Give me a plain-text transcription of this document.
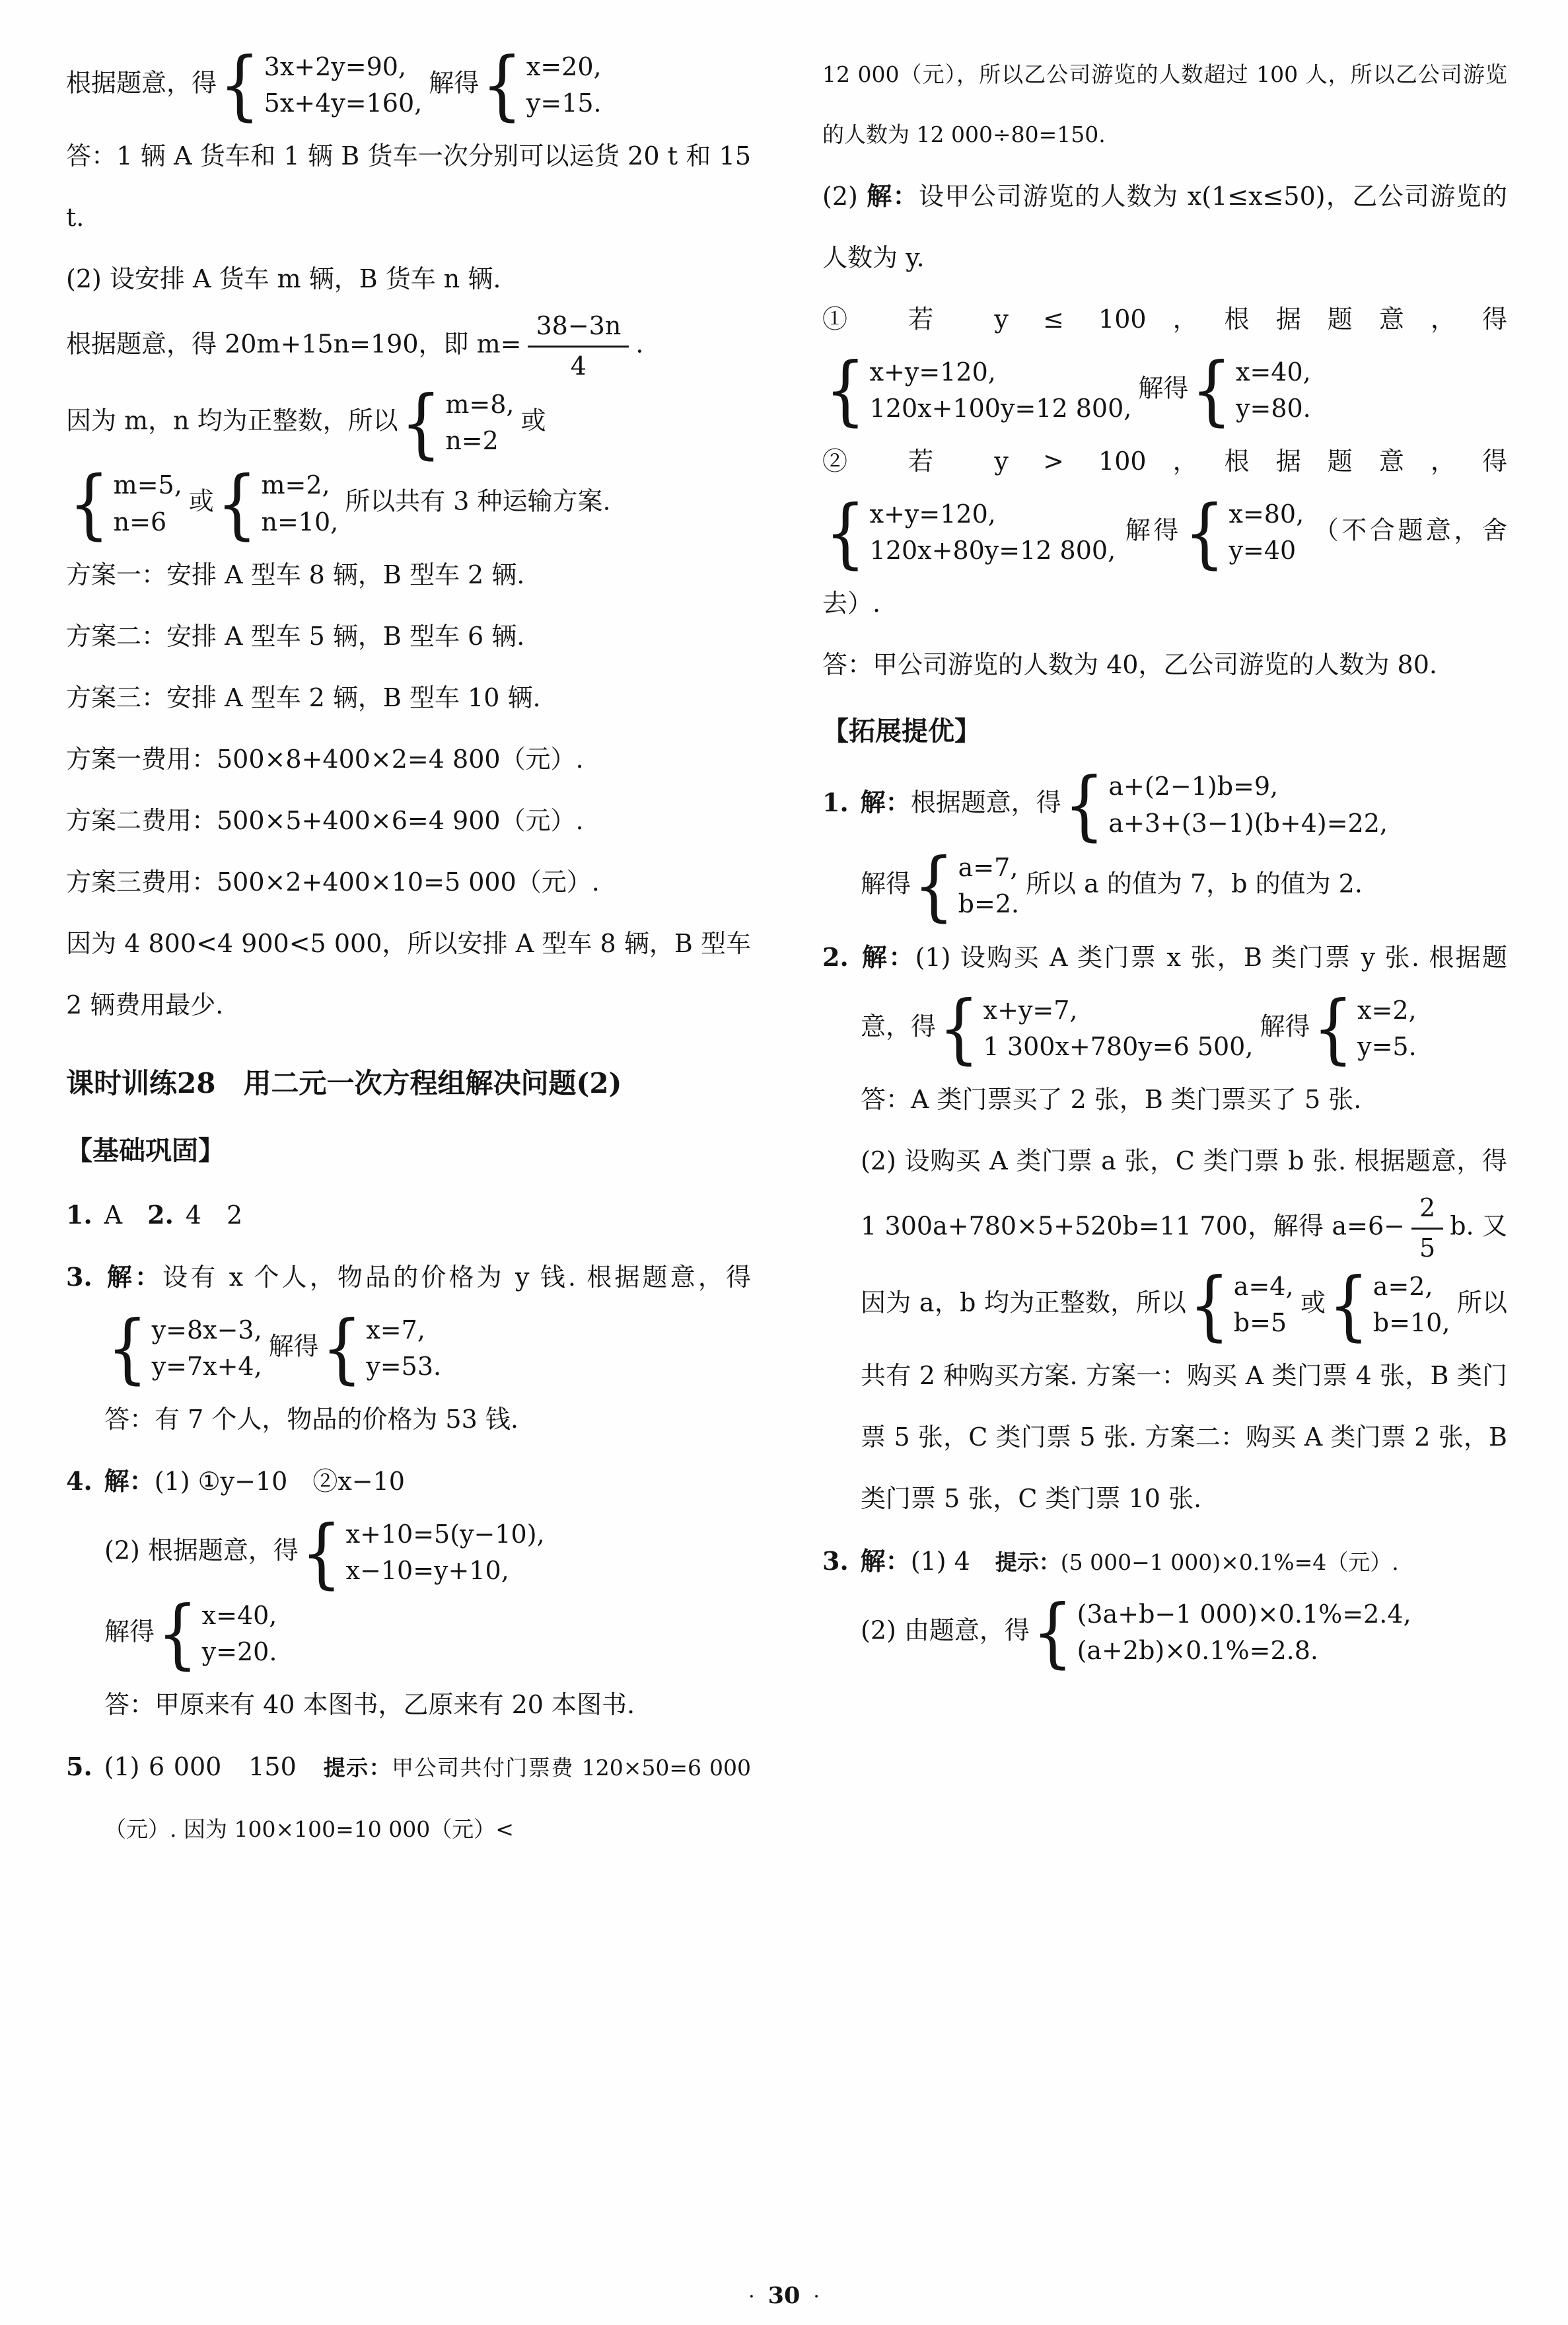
根据题意，得
{ 3x+2y=90,
5x+4y=160,
解得
{ x=20,
y=15.

答：1 辆 A 货车和 1 辆 B 货车一次分别可以运货 20 t 和 15 t.

(2) 设安排 A 货车 m 辆，B 货车 n 辆.

根据题意，得 20m+15n=190，即 $m= \frac{38-3n}{4}$ .

因为 m，n 均为正整数，所以
{ m=8,
n=2
或

{ m=5,
n=6
或
{ m=2,
n=10,
所以共有 3 种运输方案.

方案一：安排 A 型车 8 辆，B 型车 2 辆.

方案二：安排 A 型车 5 辆，B 型车 6 辆.

方案三：安排 A 型车 2 辆，B 型车 10 辆.

方案一费用：500×8+400×2=4 800（元）.

方案二费用：500×5+400×6=4 900（元）.

方案三费用：500×2+400×10=5 000（元）.

因为 4 800<4 900<5 000，所以安排 A 型车 8 辆，B 型车 2 辆费用最少.

课时训练28　用二元一次方程组解决问题(2)

【基础巩固】

1. A　 2. 4　2

3. 解：设有 x 个人，物品的价格为 y 钱. 根据题意，得
{ y=8x−3,
y=7x+4,
解得
{ x=7,
y=53.

答：有 7 个人，物品的价格为 53 钱.

4. 解：(1) ①y−10　②x−10

(2) 根据题意，得
{ x+10=5(y−10),
x−10=y+10,

解得
{ x=40,
y=20.

答：甲原来有 40 本图书，乙原来有 20 本图书.

5. (1) 6 000　150　提示：甲公司共付门票费 120×50=6 000（元）. 因为 100×100=10 000（元）<

12 000（元），所以乙公司游览的人数超过 100 人，所以乙公司游览的人数为 12 000÷80=150.

(2) 解：设甲公司游览的人数为 x(1≤x≤50)，乙公司游览的人数为 y.

① 若 y ≤ 100，根据题意，得

{ x+y=120,
120x+100y=12 800,
解得
{ x=40,
y=80.

② 若 y > 100，根据题意，得

{ x+y=120,
120x+80y=12 800,
解得
{ x=80,
y=40
（不合题意，舍去）.

答：甲公司游览的人数为 40，乙公司游览的人数为 80.

【拓展提优】

1. 解：根据题意，得
{ a+(2−1)b=9,
a+3+(3−1)(b+4)=22,

解得
{ a=7,
b=2.
所以 a 的值为 7，b 的值为 2.

2. 解：(1) 设购买 A 类门票 x 张，B 类门票 y 张. 根据题意，得
{ x+y=7,
1 300x+780y=6 500,
解得
{ x=2,
y=5.

答：A 类门票买了 2 张，B 类门票买了 5 张.

(2) 设购买 A 类门票 a 张，C 类门票 b 张. 根据题意，得 1 300a+780×5+520b=11 700，解得 $a=6- \frac{2}{5} b$. 又因为 a，b 均为正整数，所以
{ a=4,
b=5
或
{ a=2,
b=10,
所以共有 2 种购买方案. 方案一：购买 A 类门票 4 张，B 类门票 5 张，C 类门票 5 张. 方案二：购买 A 类门票 2 张，B 类门票 5 张，C 类门票 10 张.

3. 解：(1) 4　提示：(5 000−1 000)×0.1%=4（元）.

(2) 由题意，得
{ (3a+b−1 000)×0.1%=2.4,
(a+2b)×0.1%=2.8.

· 30 ·
